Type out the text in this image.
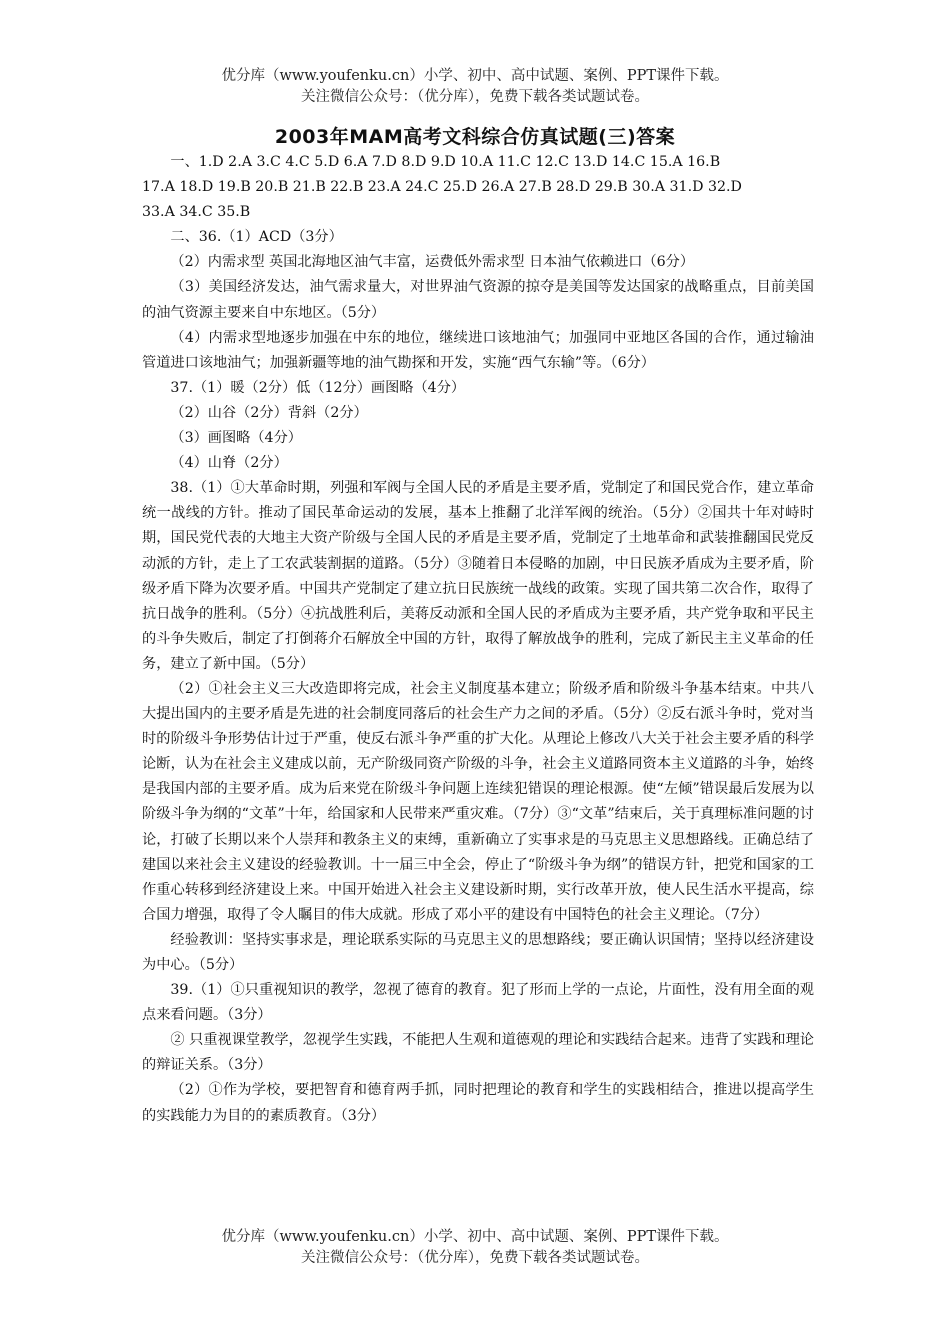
优分库（www.youfenku.cn）小学、初中、高中试题、案例、PPT课件下载。
关注微信公众号：（优分库），免费下载各类试题试卷。
2003年MAM高考文科综合仿真试题(三)答案

一、1.D 2.A 3.C 4.C 5.D 6.A 7.D 8.D 9.D 10.A 11.C 12.C 13.D 14.C 15.A 16.B

17.A 18.D 19.B 20.B 21.B 22.B 23.A 24.C 25.D 26.A 27.B 28.D 29.B 30.A 31.D 32.D

33.A 34.C 35.B

二、36.（1）ACD（3分）

（2）内需求型 英国北海地区油气丰富，运费低外需求型 日本油气依赖进口（6分）

（3）美国经济发达，油气需求量大，对世界油气资源的掠夺是美国等发达国家的战略重点，目前美国的油气资源主要来自中东地区。（5分）

（4）内需求型地逐步加强在中东的地位，继续进口该地油气；加强同中亚地区各国的合作，通过输油管道进口该地油气；加强新疆等地的油气勘探和开发，实施“西气东输”等。（6分）

37.（1）暖（2分）低（12分）画图略（4分）

（2）山谷（2分）背斜（2分）

（3）画图略（4分）

（4）山脊（2分）

38.（1）①大革命时期，列强和军阀与全国人民的矛盾是主要矛盾，党制定了和国民党合作，建立革命统一战线的方针。推动了国民革命运动的发展，基本上推翻了北洋军阀的统治。（5分）②国共十年对峙时期，国民党代表的大地主大资产阶级与全国人民的矛盾是主要矛盾，党制定了土地革命和武装推翻国民党反动派的方针，走上了工农武装割据的道路。（5分）③随着日本侵略的加剧，中日民族矛盾成为主要矛盾，阶级矛盾下降为次要矛盾。中国共产党制定了建立抗日民族统一战线的政策。实现了国共第二次合作，取得了抗日战争的胜利。（5分）④抗战胜利后，美蒋反动派和全国人民的矛盾成为主要矛盾，共产党争取和平民主的斗争失败后，制定了打倒蒋介石解放全中国的方针，取得了解放战争的胜利，完成了新民主主义革命的任务，建立了新中国。（5分）

（2）①社会主义三大改造即将完成，社会主义制度基本建立；阶级矛盾和阶级斗争基本结束。中共八大提出国内的主要矛盾是先进的社会制度同落后的社会生产力之间的矛盾。（5分）②反右派斗争时，党对当时的阶级斗争形势估计过于严重，使反右派斗争严重的扩大化。从理论上修改八大关于社会主要矛盾的科学论断，认为在社会主义建成以前，无产阶级同资产阶级的斗争，社会主义道路同资本主义道路的斗争，始终是我国内部的主要矛盾。成为后来党在阶级斗争问题上连续犯错误的理论根源。使“左倾”错误最后发展为以阶级斗争为纲的“文革”十年，给国家和人民带来严重灾难。（7分）③“文革”结束后，关于真理标准问题的讨论，打破了长期以来个人崇拜和教条主义的束缚，重新确立了实事求是的马克思主义思想路线。正确总结了建国以来社会主义建设的经验教训。十一届三中全会，停止了“阶级斗争为纲”的错误方针，把党和国家的工作重心转移到经济建设上来。中国开始进入社会主义建设新时期，实行改革开放，使人民生活水平提高，综合国力增强，取得了令人瞩目的伟大成就。形成了邓小平的建设有中国特色的社会主义理论。（7分）

经验教训：坚持实事求是，理论联系实际的马克思主义的思想路线；要正确认识国情；坚持以经济建设为中心。（5分）

39.（1）①只重视知识的教学，忽视了德育的教育。犯了形而上学的一点论，片面性，没有用全面的观点来看问题。（3分）

② 只重视课堂教学，忽视学生实践，不能把人生观和道德观的理论和实践结合起来。违背了实践和理论的辩证关系。（3分）

（2）①作为学校，要把智育和德育两手抓，同时把理论的教育和学生的实践相结合，推进以提高学生的实践能力为目的的素质教育。（3分）

优分库（www.youfenku.cn）小学、初中、高中试题、案例、PPT课件下载。
关注微信公众号：（优分库），免费下载各类试题试卷。
